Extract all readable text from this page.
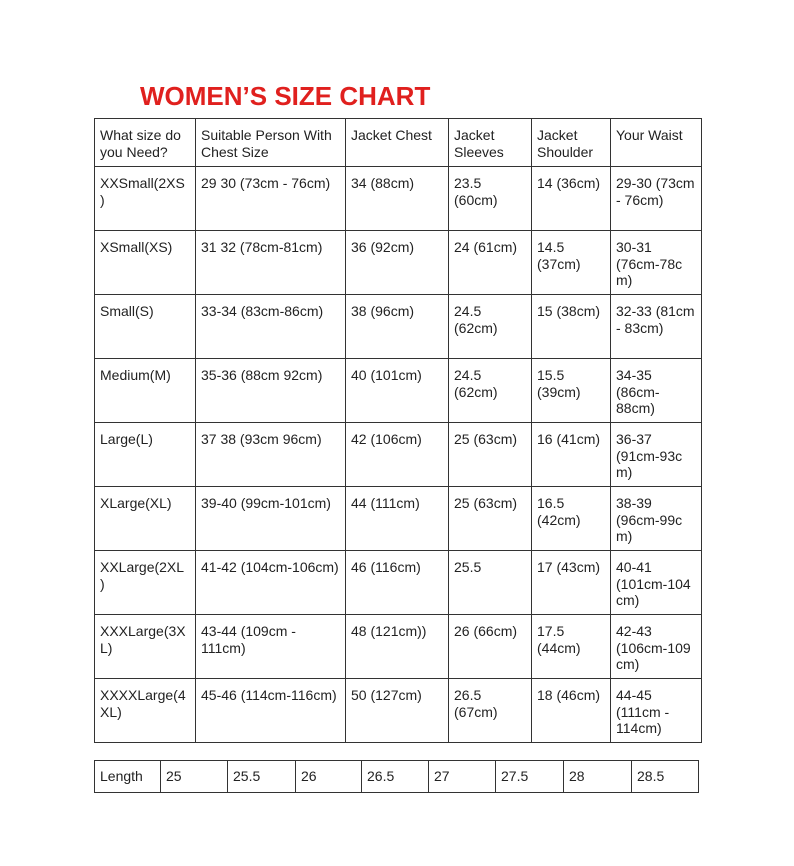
WOMEN’S SIZE CHART
What size do you Need?	Suitable Person With Chest Size	Jacket Chest	Jacket Sleeves	Jacket Shoulder	Your Waist
XXSmall(2XS )	29 30 (73cm - 76cm)	34 (88cm)	23.5 (60cm)	14 (36cm)	29-30 (73cm - 76cm)
XSmall(XS)	31 32 (78cm-81cm)	36 (92cm)	24 (61cm)	14.5 (37cm)	30-31 (76cm-78c m)
Small(S)	33-34 (83cm-86cm)	38 (96cm)	24.5 (62cm)	15 (38cm)	32-33 (81cm - 83cm)
Medium(M)	35-36 (88cm 92cm)	40 (101cm)	24.5 (62cm)	15.5 (39cm)	34-35 (86cm- 88cm)
Large(L)	37 38 (93cm 96cm)	42 (106cm)	25 (63cm)	16 (41cm)	36-37 (91cm-93c m)
XLarge(XL)	39-40 (99cm-101cm)	44 (111cm)	25 (63cm)	16.5 (42cm)	38-39 (96cm-99c m)
XXLarge(2XL )	41-42 (104cm-106cm)	46 (116cm)	25.5	17 (43cm)	40-41 (101cm-104 cm)
XXXLarge(3X L)	43-44 (109cm - 111cm)	48 (121cm))	26 (66cm)	17.5 (44cm)	42-43 (106cm-109 cm)
XXXXLarge(4 XL)	45-46 (114cm-116cm)	50 (127cm)	26.5 (67cm)	18 (46cm)	44-45 (111cm - 114cm)
Length	25	25.5	26	26.5	27	27.5	28	28.5
